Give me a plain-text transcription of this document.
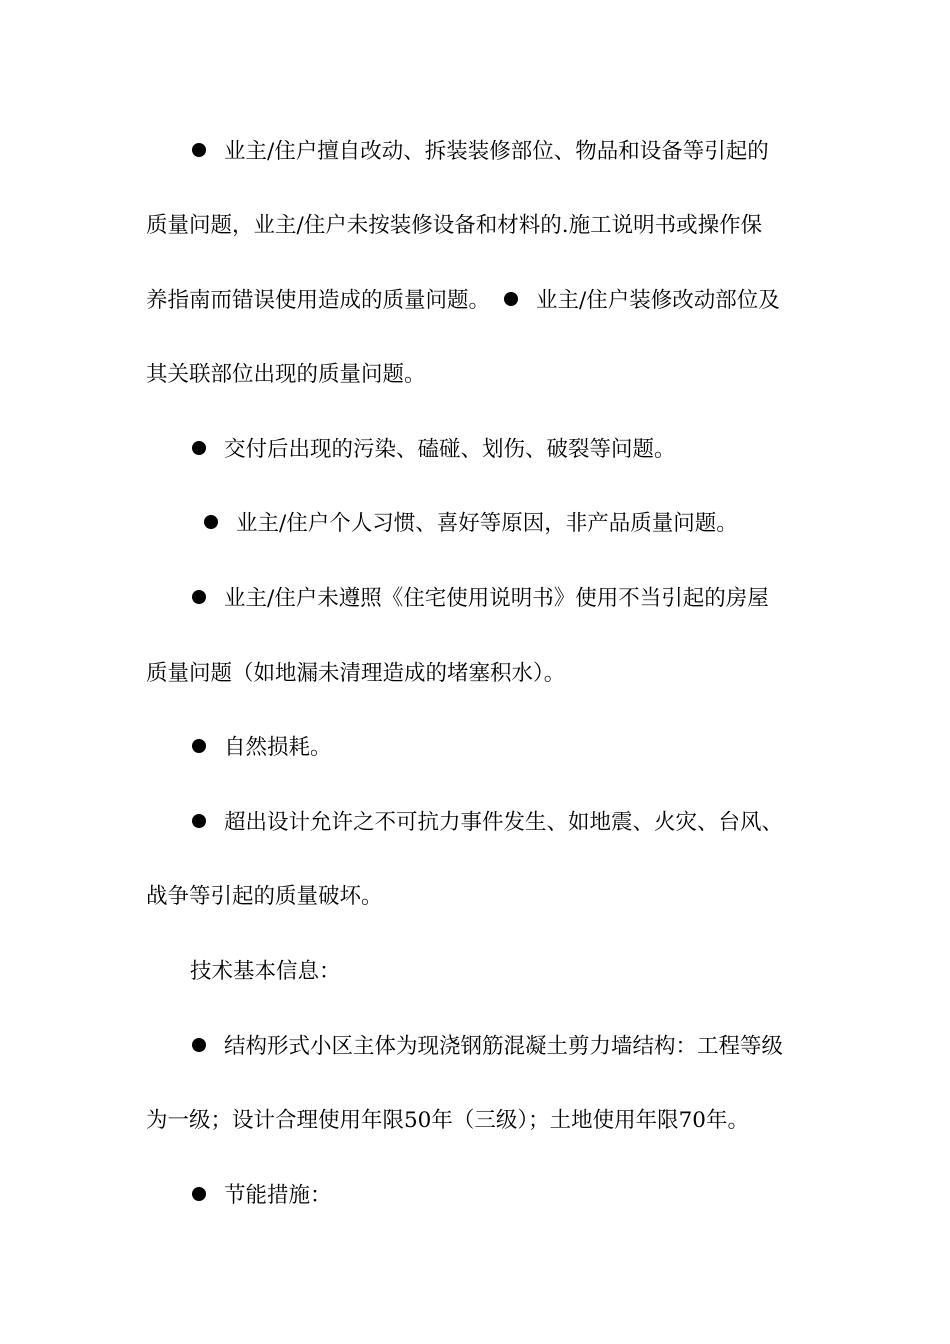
业主/住户擅自改动、拆装装修部位、物品和设备等引起的
质量问题，业主/住户未按装修设备和材料的.施工说明书或操作保
养指南而错误使用造成的质量问题。 业主/住户装修改动部位及
其关联部位出现的质量问题。
交付后出现的污染、磕碰、划伤、破裂等问题。
业主/住户个人习惯、喜好等原因，非产品质量问题。
业主/住户未遵照《住宅使用说明书》使用不当引起的房屋
质量问题（如地漏未清理造成的堵塞积水）。
自然损耗。
超出设计允许之不可抗力事件发生、如地震、火灾、台风、
战争等引起的质量破坏。
技术基本信息：
结构形式小区主体为现浇钢筋混凝土剪力墙结构：工程等级
为一级；设计合理使用年限50年（三级）；土地使用年限70年。
节能措施：
